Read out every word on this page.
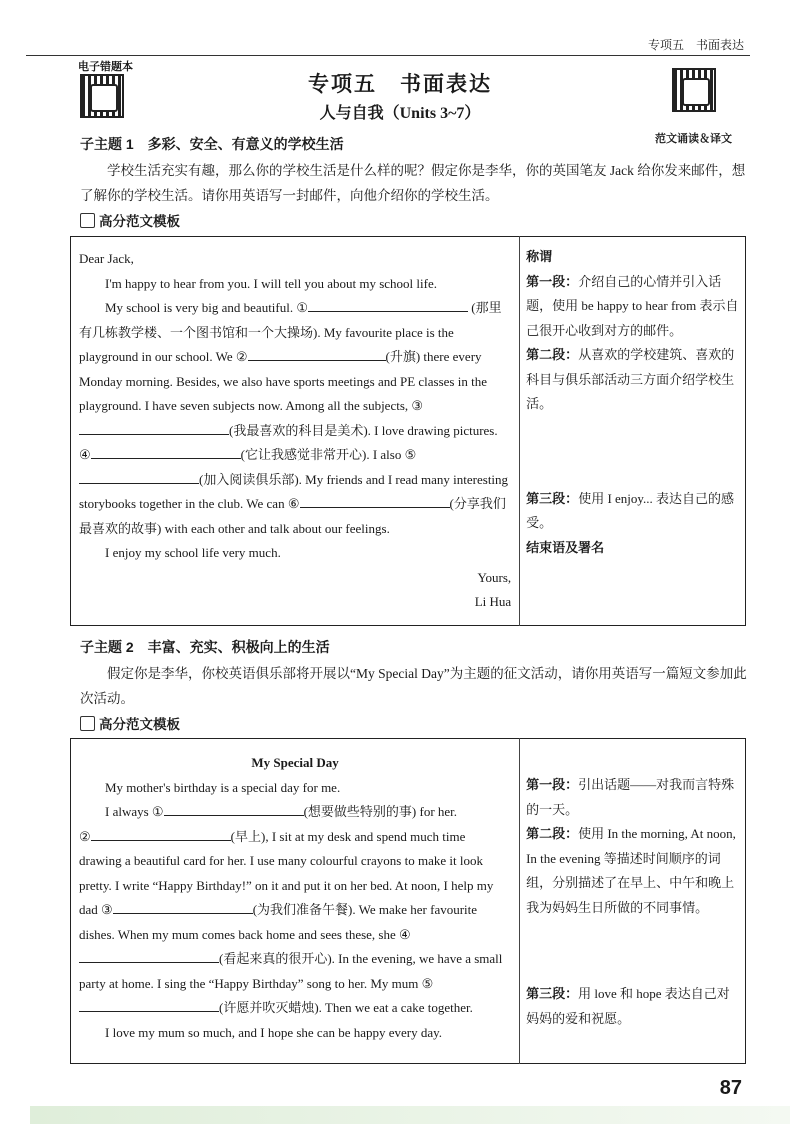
专项五　书面表达
电子错题本
范文诵读＆译文
专项五　书面表达
人与自我（Units 3~7）
子主题 1　多彩、安全、有意义的学校生活
学校生活充实有趣，那么你的学校生活是什么样的呢？假定你是李华，你的英国笔友 Jack 给你发来邮件，想了解你的学校生活。请你用英语写一封邮件，向他介绍你的学校生活。
高分范文模板
Dear Jack,
I'm happy to hear from you. I will tell you about my school life.
My school is very big and beautiful. ①	(那里有几栋教学楼、一个图书馆和一个大操场). My favourite place is the playground in our school. We ②	(升旗) there every Monday morning. Besides, we also have sports meetings and PE classes in the playground. I have seven subjects now. Among all the subjects, ③(我最喜欢的科目是美术). I love drawing pictures. ④	(它让我感觉非常开心). I also ⑤(加入阅读俱乐部). My friends and I read many interesting storybooks together in the club. We can ⑥	(分享我们最喜欢的故事) with each other and talk about our feelings.
I enjoy my school life very much.
Yours,
Li Hua

称谓
第一段：介绍自己的心情并引入话题，使用 be happy to hear from 表示自己很开心收到对方的邮件。
第二段：从喜欢的学校建筑、喜欢的科目与俱乐部活动三方面介绍学校生活。
第三段：使用 I enjoy... 表达自己的感受。
结束语及署名
子主题 2　丰富、充实、积极向上的生活
假定你是李华，你校英语俱乐部将开展以“My Special Day”为主题的征文活动，请你用英语写一篇短文参加此次活动。
高分范文模板
My Special Day
My mother's birthday is a special day for me.
I always ①	(想要做些特别的事) for her.
②	(早上), I sit at my desk and spend much time drawing a beautiful card for her. I use many colourful crayons to make it look pretty. I write “Happy Birthday!” on it and put it on her bed. At noon, I help my dad ③	(为我们准备午餐). We make her favourite dishes. When my mum comes back home and sees these, she ④(看起来真的很开心). In the evening, we have a small party at home. I sing the “Happy Birthday” song to her. My mum ⑤(许愿并吹灭蜡烛). Then we eat a cake together.
I love my mum so much, and I hope she can be happy every day.

第一段：引出话题——对我而言特殊的一天。
第二段：使用 In the morning, At noon, In the evening 等描述时间顺序的词组，分别描述了在早上、中午和晚上我为妈妈生日所做的不同事情。
第三段：用 love 和 hope 表达自己对妈妈的爱和祝愿。
87
